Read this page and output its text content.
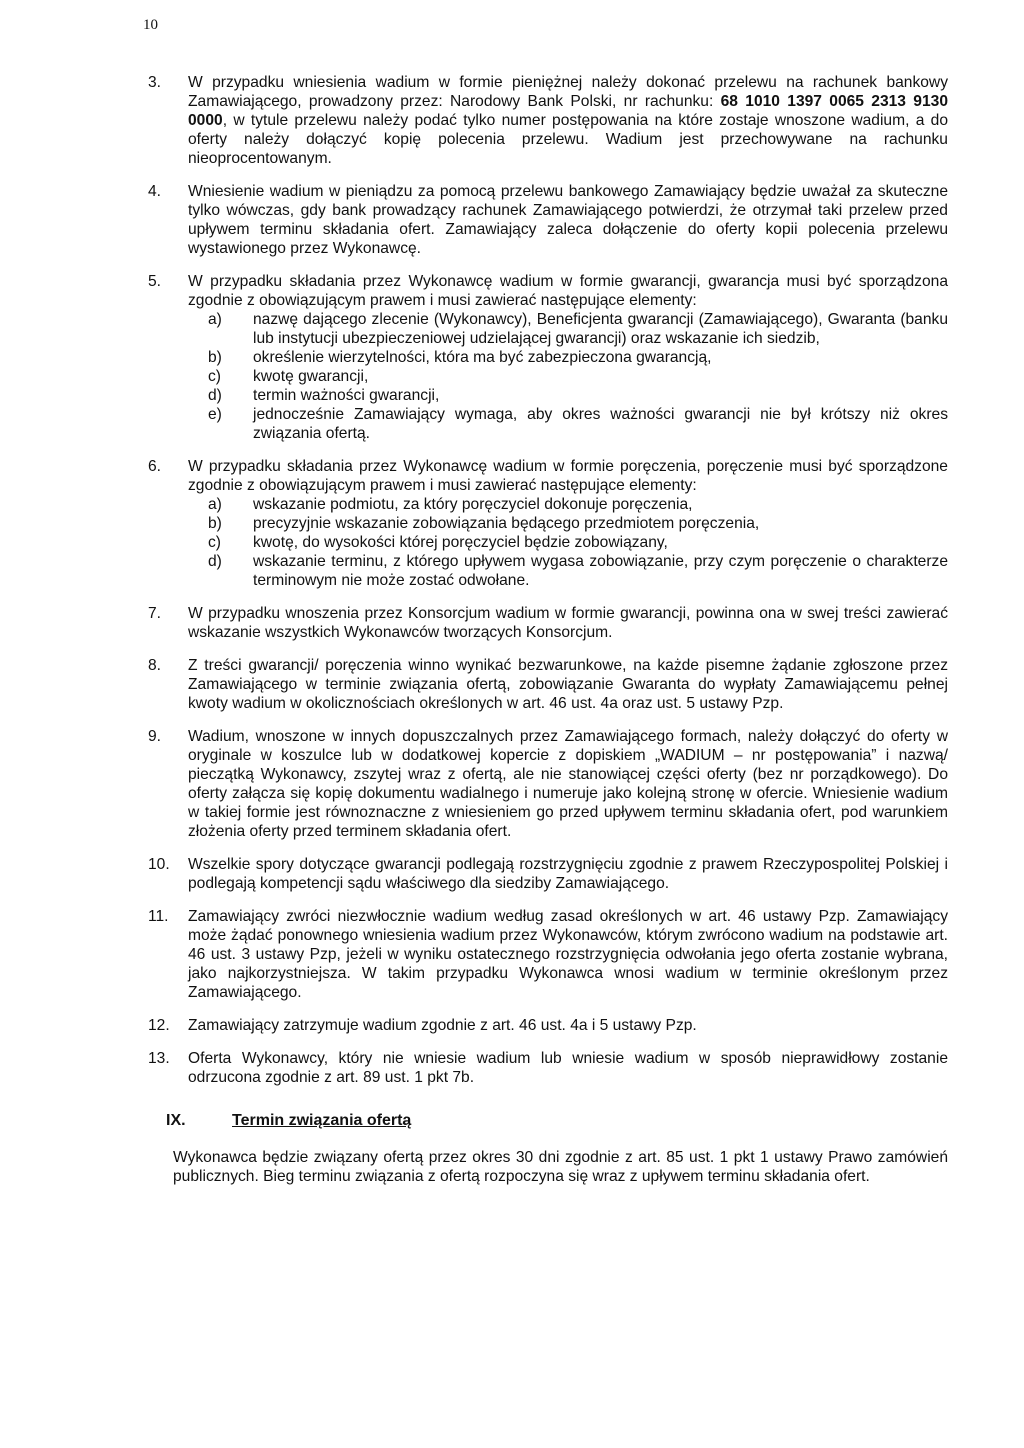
10
3.	W przypadku wniesienia wadium w formie pieniężnej należy dokonać przelewu na rachunek bankowy Zamawiającego, prowadzony przez: Narodowy Bank Polski, nr rachunku: 68 1010 1397 0065 2313 9130 0000, w tytule przelewu należy podać tylko numer postępowania na które zostaje wnoszone wadium, a do oferty należy dołączyć kopię polecenia przelewu. Wadium jest przechowywane na rachunku nieoprocentowanym.
4.	Wniesienie wadium w pieniądzu za pomocą przelewu bankowego Zamawiający będzie uważał za skuteczne tylko wówczas, gdy bank prowadzący rachunek Zamawiającego potwierdzi, że otrzymał taki przelew przed upływem terminu składania ofert. Zamawiający zaleca dołączenie do oferty kopii polecenia przelewu wystawionego przez Wykonawcę.
5.	W przypadku składania przez Wykonawcę wadium w formie gwarancji, gwarancja musi być sporządzona zgodnie z obowiązującym prawem i musi zawierać następujące elementy:
a)	nazwę dającego zlecenie (Wykonawcy), Beneficjenta gwarancji (Zamawiającego), Gwaranta (banku lub instytucji ubezpieczeniowej udzielającej gwarancji) oraz wskazanie ich siedzib,
b)	określenie wierzytelności, która ma być zabezpieczona gwarancją,
c)	kwotę gwarancji,
d)	termin ważności gwarancji,
e)	jednocześnie Zamawiający wymaga, aby okres ważności gwarancji nie był krótszy niż okres związania ofertą.
6.	W przypadku składania przez Wykonawcę wadium w formie poręczenia, poręczenie musi być sporządzone zgodnie z obowiązującym prawem i musi zawierać następujące elementy:
a)	wskazanie podmiotu, za który poręczyciel dokonuje poręczenia,
b)	precyzyjnie wskazanie zobowiązania będącego przedmiotem poręczenia,
c)	kwotę, do wysokości której poręczyciel będzie zobowiązany,
d)	wskazanie terminu, z którego upływem wygasa zobowiązanie, przy czym poręczenie o charakterze terminowym nie może zostać odwołane.
7.	W przypadku wnoszenia przez Konsorcjum wadium w formie gwarancji, powinna ona w swej treści zawierać wskazanie wszystkich Wykonawców tworzących Konsorcjum.
8.	Z treści gwarancji/ poręczenia winno wynikać bezwarunkowe, na każde pisemne żądanie zgłoszone przez Zamawiającego w terminie związania ofertą, zobowiązanie Gwaranta do wypłaty Zamawiającemu pełnej kwoty wadium w okolicznościach określonych w art. 46 ust. 4a oraz ust. 5 ustawy Pzp.
9.	Wadium, wnoszone w innych dopuszczalnych przez Zamawiającego formach, należy dołączyć do oferty w oryginale w koszulce lub w dodatkowej kopercie z dopiskiem „WADIUM – nr postępowania” i nazwą/ pieczątką Wykonawcy, zszytej wraz z ofertą, ale nie stanowiącej części oferty (bez nr porządkowego). Do oferty załącza się kopię dokumentu wadialnego i numeruje jako kolejną stronę w ofercie. Wniesienie wadium w takiej formie jest równoznaczne z wniesieniem go przed upływem terminu składania ofert, pod warunkiem złożenia oferty przed terminem składania ofert.
10.	Wszelkie spory dotyczące gwarancji podlegają rozstrzygnięciu zgodnie z prawem Rzeczypospolitej Polskiej i podlegają kompetencji sądu właściwego dla siedziby Zamawiającego.
11.	Zamawiający zwróci niezwłocznie wadium według zasad określonych w art. 46 ustawy Pzp. Zamawiający może żądać ponownego wniesienia wadium przez Wykonawców, którym zwrócono wadium na podstawie art. 46 ust. 3 ustawy Pzp, jeżeli w wyniku ostatecznego rozstrzygnięcia odwołania jego oferta zostanie wybrana, jako najkorzystniejsza. W takim przypadku Wykonawca wnosi wadium w terminie określonym przez Zamawiającego.
12.	Zamawiający zatrzymuje wadium zgodnie z art. 46 ust. 4a i 5 ustawy Pzp.
13.	Oferta Wykonawcy, który nie wniesie wadium lub wniesie wadium w sposób nieprawidłowy zostanie odrzucona zgodnie z art. 89 ust. 1 pkt 7b.
IX.	Termin związania ofertą
Wykonawca będzie związany ofertą przez okres 30 dni zgodnie z art. 85 ust. 1 pkt 1 ustawy Prawo zamówień publicznych. Bieg terminu związania z ofertą rozpoczyna się wraz z upływem terminu składania ofert.
